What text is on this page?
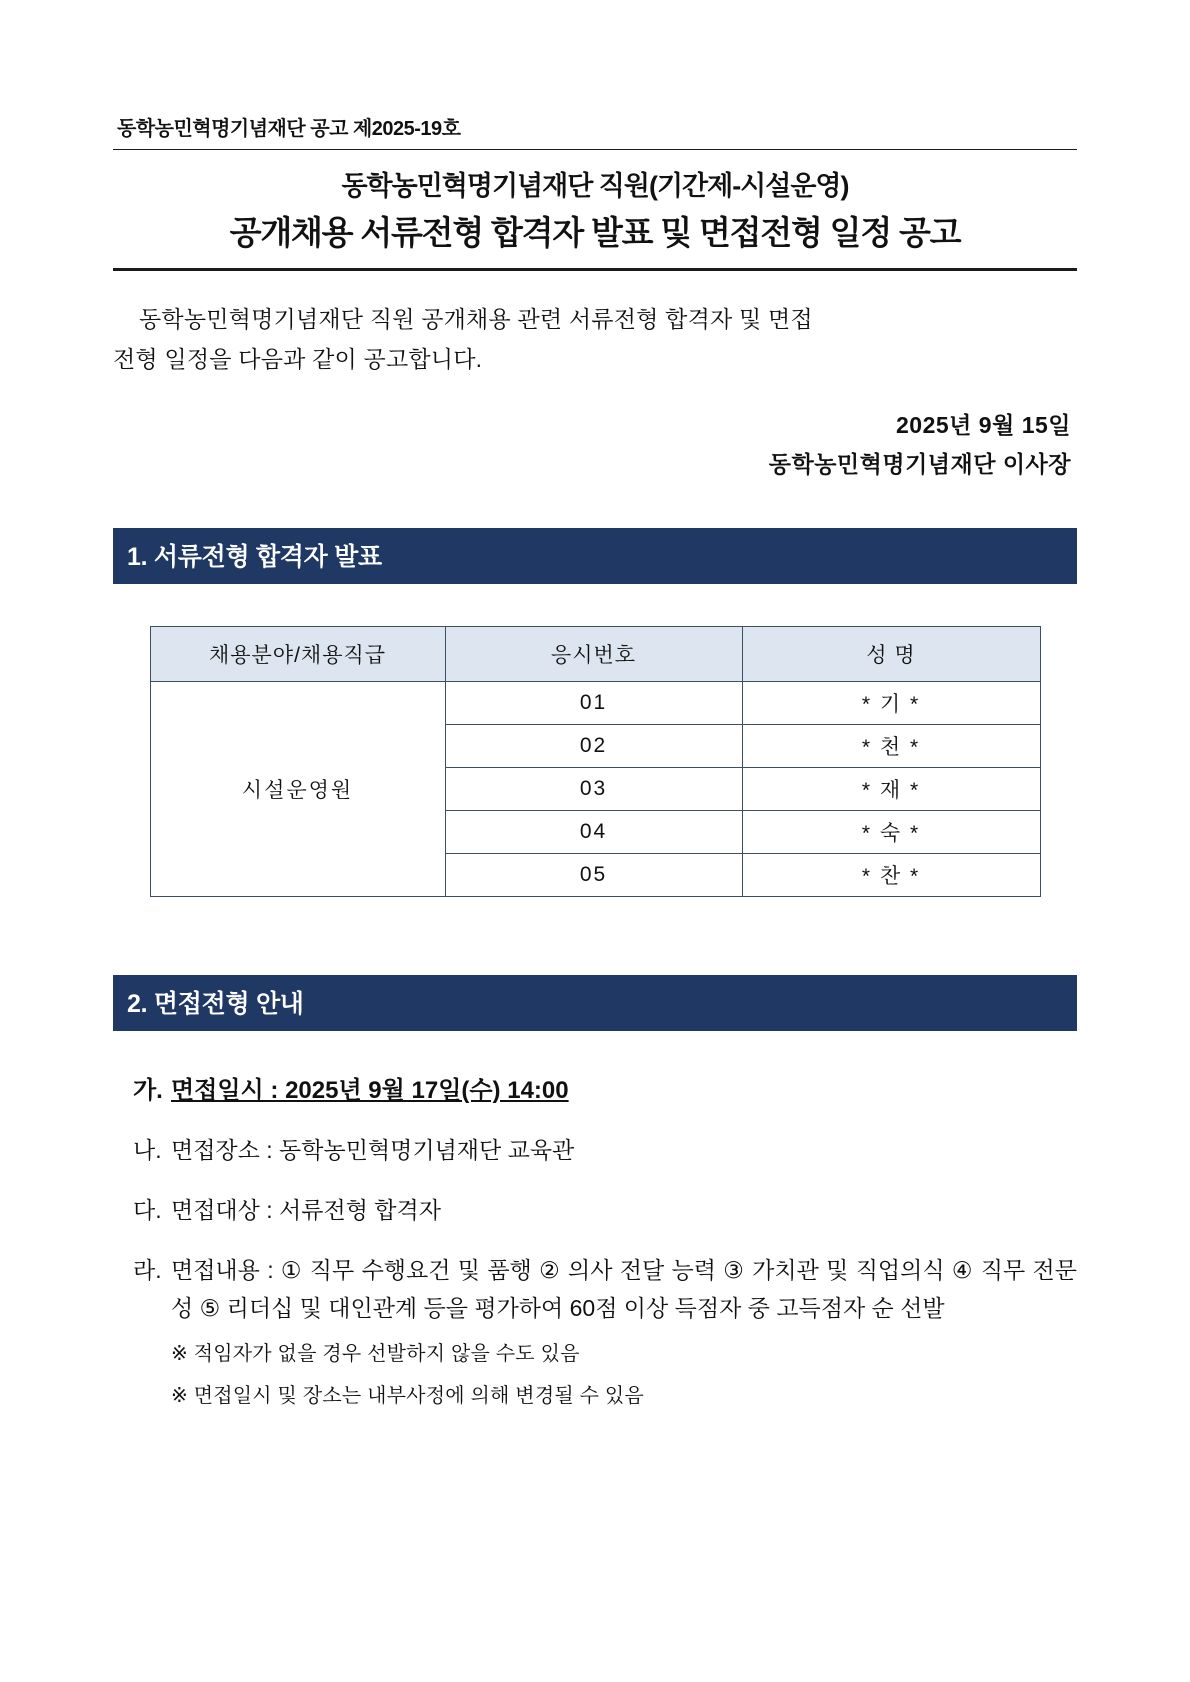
동학농민혁명기념재단 공고 제2025-19호
동학농민혁명기념재단 직원(기간제-시설운영)
공개채용 서류전형 합격자 발표 및 면접전형 일정 공고

동학농민혁명기념재단 직원 공개채용 관련 서류전형 합격자 및 면접

전형 일정을 다음과 같이 공고합니다.

2025년 9월 15일
동학농민혁명기념재단 이사장
1. 서류전형 합격자 발표
채용분야/채용직급	응시번호	성 명
시설운영원	01	* 기 *
	02	* 천 *
	03	* 재 *
	04	* 숙 *
	05	* 찬 *
2. 면접전형 안내
가. 면접일시 : 2025년 9월 17일(수) 14:00
나. 면접장소 : 동학농민혁명기념재단 교육관
다. 면접대상 : 서류전형 합격자
라. 면접내용 : ① 직무 수행요건 및 품행 ② 의사 전달 능력 ③ 가치관 및 직업의식 ④ 직무 전문성 ⑤ 리더십 및 대인관계 등을 평가하여 60점 이상 득점자 중 고득점자 순 선발
※ 적임자가 없을 경우 선발하지 않을 수도 있음
※ 면접일시 및 장소는 내부사정에 의해 변경될 수 있음
